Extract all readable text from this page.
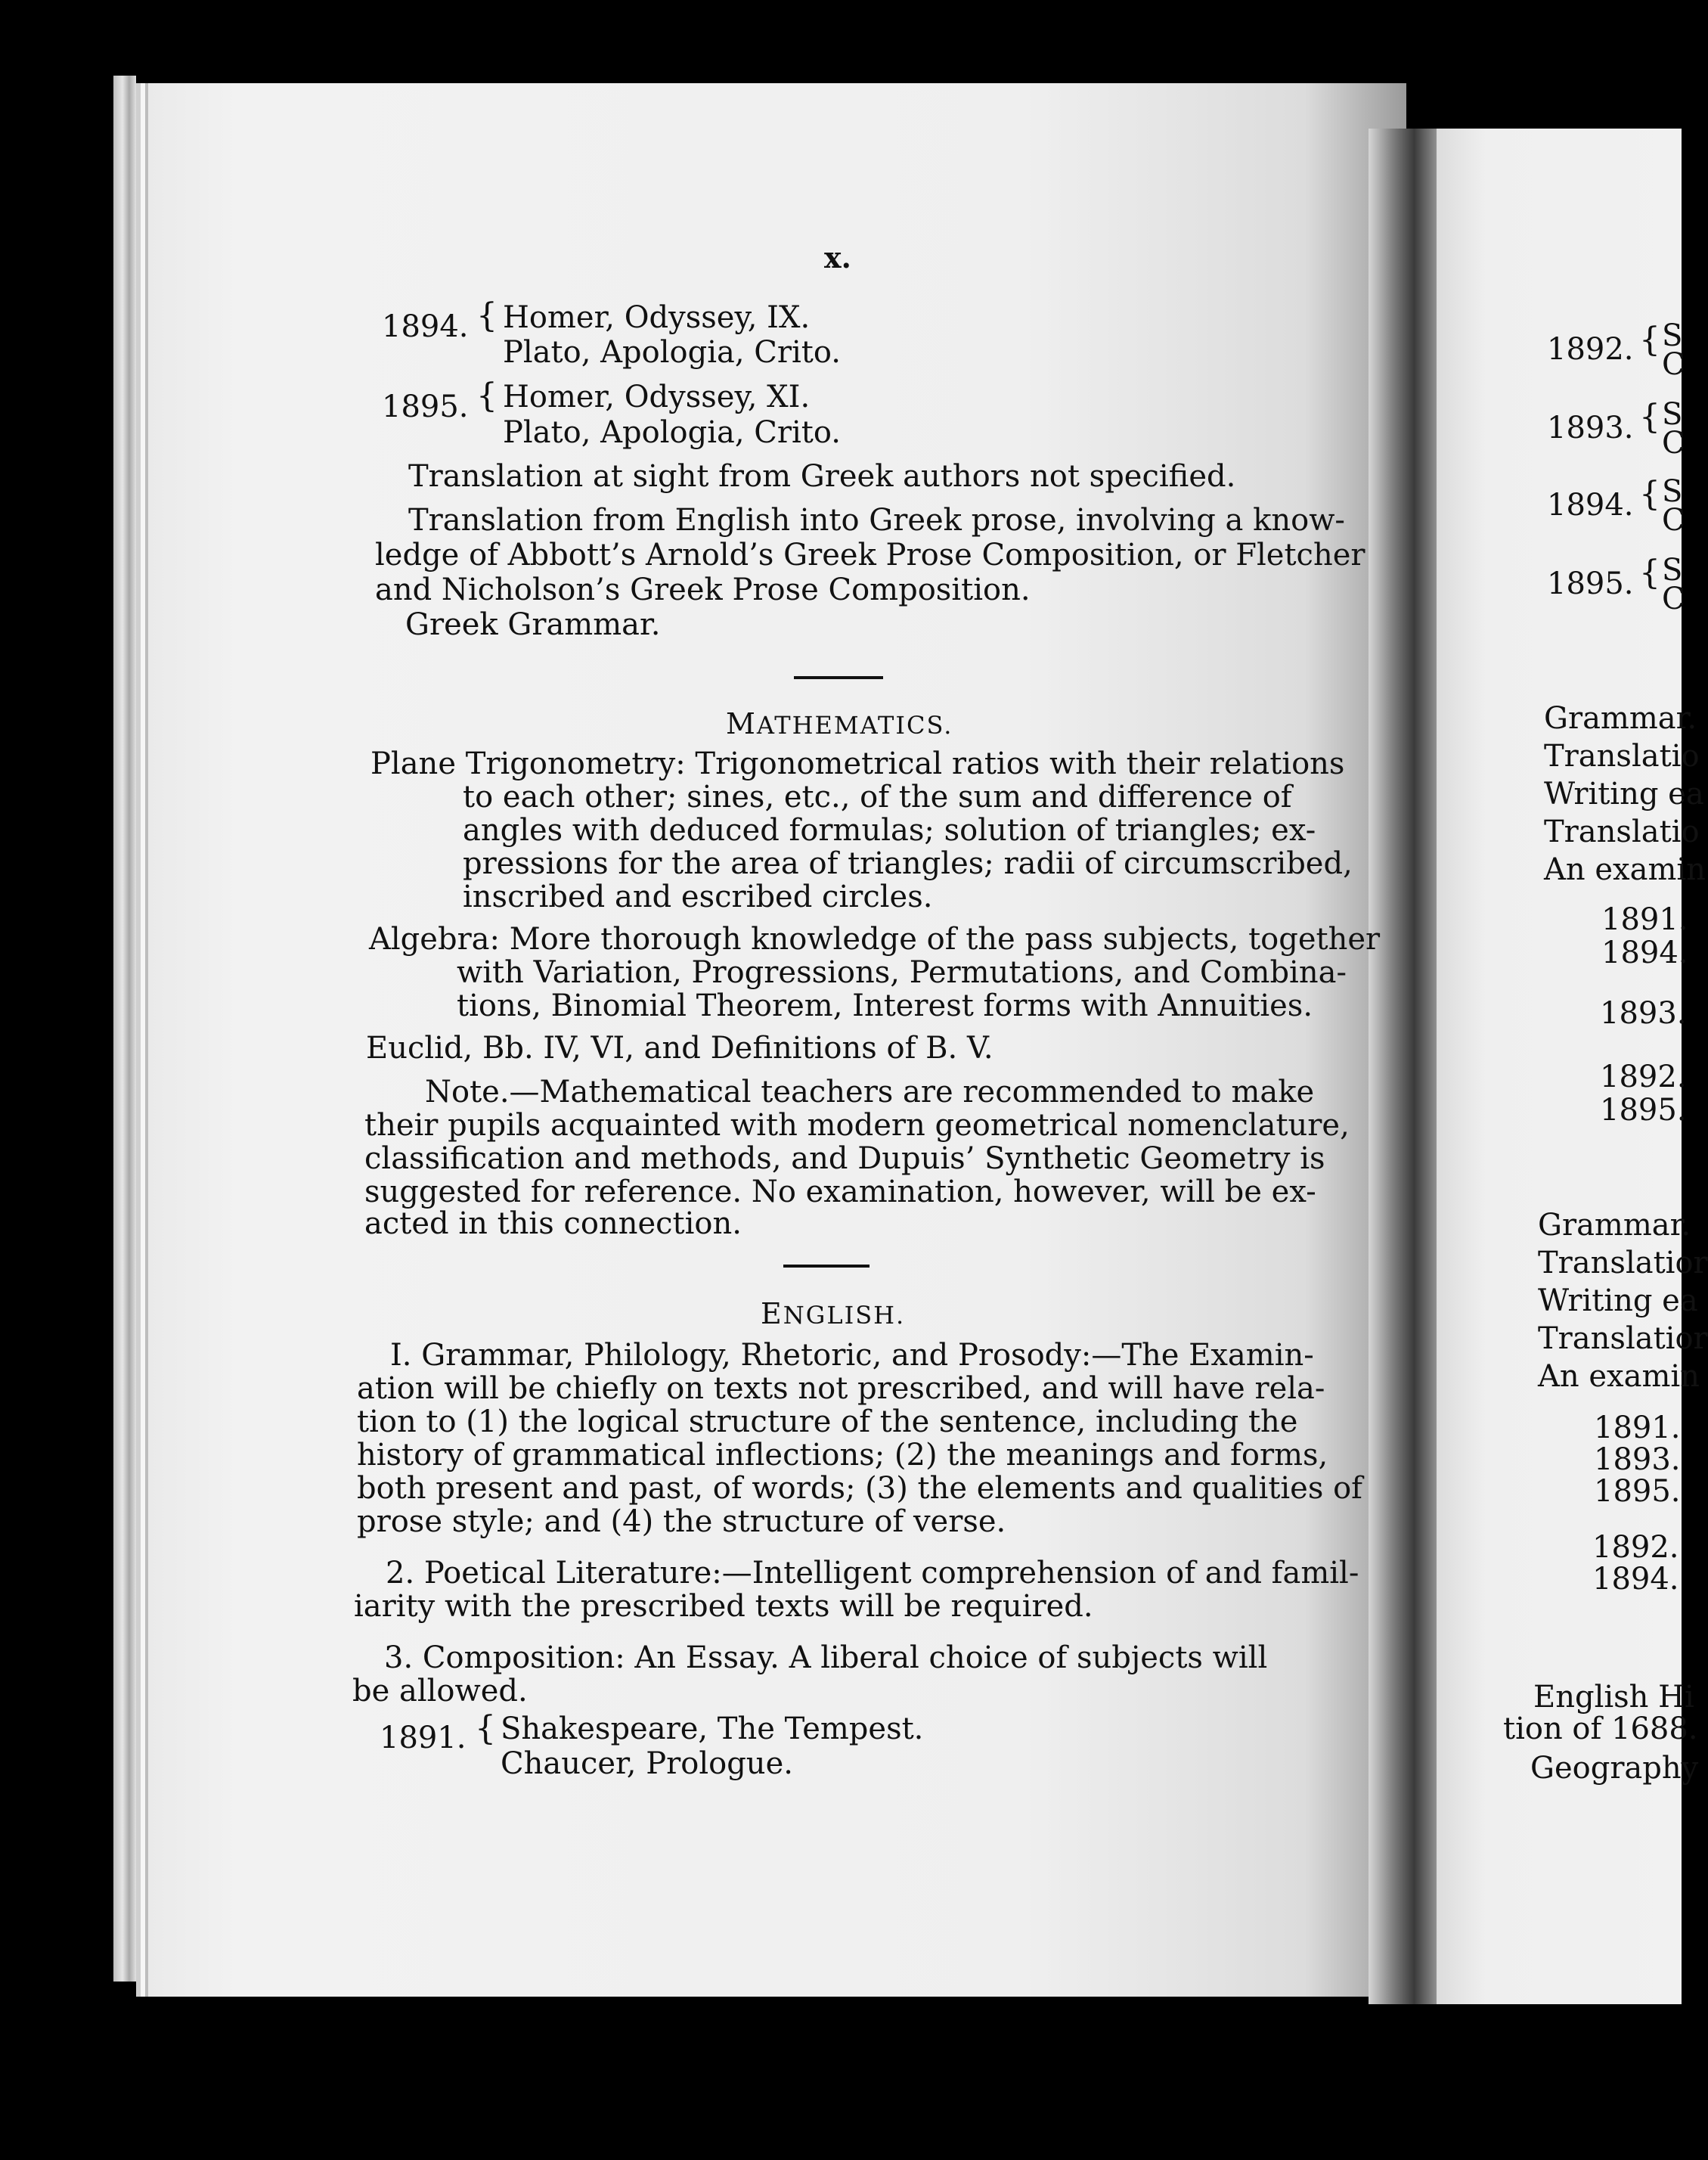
x.
1894. { Homer, Odyssey, IX.
Plato, Apologia, Crito.
1895. { Homer, Odyssey, XI.
Plato, Apologia, Crito.
Translation at sight from Greek authors not specified.
Translation from English into Greek prose, involving a know-
ledge of Abbott’s Arnold’s Greek Prose Composition, or Fletcher
and Nicholson’s Greek Prose Composition.
Greek Grammar.
MATHEMATICS.
Plane Trigonometry: Trigonometrical ratios with their relations
to each other; sines, etc., of the sum and difference of
angles with deduced formulas; solution of triangles; ex-
pressions for the area of triangles; radii of circumscribed,
inscribed and escribed circles.
Algebra: More thorough knowledge of the pass subjects, together
with Variation, Progressions, Permutations, and Combina-
tions, Binomial Theorem, Interest forms with Annuities.
Euclid, Bb. IV, VI, and Definitions of B. V.
Note.—Mathematical teachers are recommended to make
their pupils acquainted with modern geometrical nomenclature,
classification and methods, and Dupuis’ Synthetic Geometry is
suggested for reference. No examination, however, will be ex-
acted in this connection.
ENGLISH.
I. Grammar, Philology, Rhetoric, and Prosody:—The Examin-
ation will be chiefly on texts not prescribed, and will have rela-
tion to (1) the logical structure of the sentence, including the
history of grammatical inflections; (2) the meanings and forms,
both present and past, of words; (3) the elements and qualities of
prose style; and (4) the structure of verse.
2. Poetical Literature:—Intelligent comprehension of and famil-
iarity with the prescribed texts will be required.
3. Composition: An Essay. A liberal choice of subjects will
be allowed.
1891. { Shakespeare, The Tempest.
Chaucer, Prologue.
1892. { S
C
1893. { S
C
1894. { S
C
1895. { S
C
Grammar.
Translatio
Writing ea
Translatio
An examin
1891.
1894.
1893.
1892.
1895.
Grammar.
Translatior
Writing ea
Translatior
An examin
1891.
1893.
1895.
1892.
1894.
English Hi
tion of 1688.
Geography
